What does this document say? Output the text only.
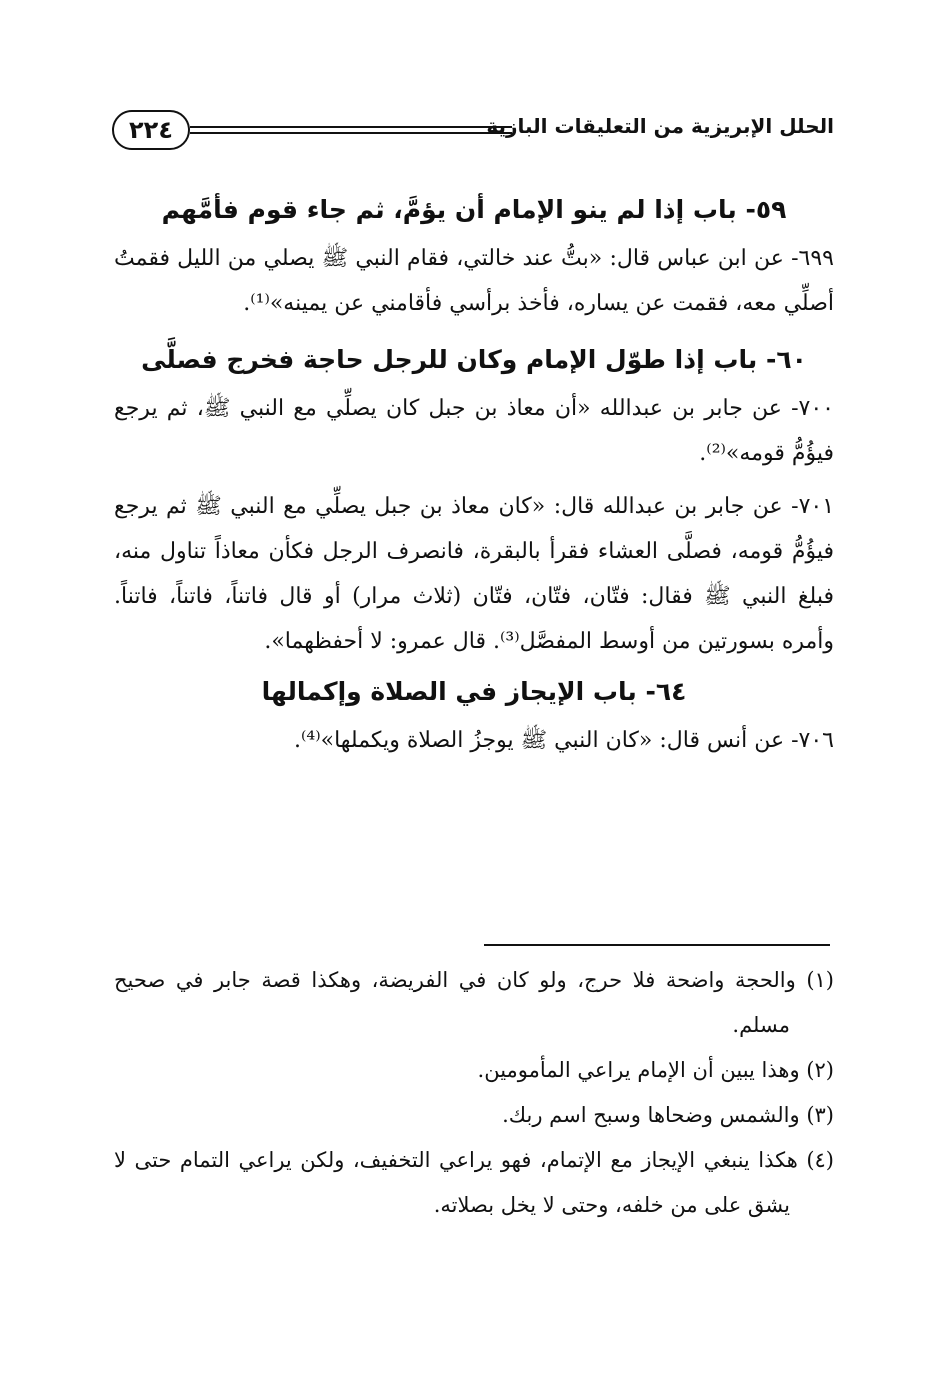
٢٢٤	الحلل الإبريزية من التعليقات البازية
٥٩- باب إذا لم ينو الإمام أن يؤمَّ، ثم جاء قوم فأمَّهم

٦٩٩- عن ابن عباس قال: «بتُّ عند خالتي، فقام النبي ﷺ يصلي من الليل فقمتُ أصلِّي معه، فقمت عن يساره، فأخذ برأسي فأقامني عن يمينه»⁽¹⁾.

٦٠- باب إذا طوّل الإمام وكان للرجل حاجة فخرج فصلَّى

٧٠٠- عن جابر بن عبدالله «أن معاذ بن جبل كان يصلِّي مع النبي ﷺ، ثم يرجع فيؤُمُّ قومه»⁽²⁾.

٧٠١- عن جابر بن عبدالله قال: «كان معاذ بن جبل يصلِّي مع النبي ﷺ ثم يرجع فيؤُمُّ قومه، فصلَّى العشاء فقرأ بالبقرة، فانصرف الرجل فكأن معاذاً تناول منه، فبلغ النبي ﷺ فقال: فتّان، فتّان، فتّان (ثلاث مرار) أو قال فاتناً، فاتناً، فاتناً. وأمره بسورتين من أوسط المفصَّل⁽³⁾. قال عمرو: لا أحفظهما».

٦٤- باب الإيجاز في الصلاة وإكمالها

٧٠٦- عن أنس قال: «كان النبي ﷺ يوجزُ الصلاة ويكملها»⁽⁴⁾.

(١) والحجة واضحة فلا حرج، ولو كان في الفريضة، وهكذا قصة جابر في صحيح مسلم.

(٢) وهذا يبين أن الإمام يراعي المأمومين.

(٣) والشمس وضحاها وسبح اسم ربك.

(٤) هكذا ينبغي الإيجاز مع الإتمام، فهو يراعي التخفيف، ولكن يراعي التمام حتى لا يشق على من خلفه، وحتى لا يخل بصلاته.
